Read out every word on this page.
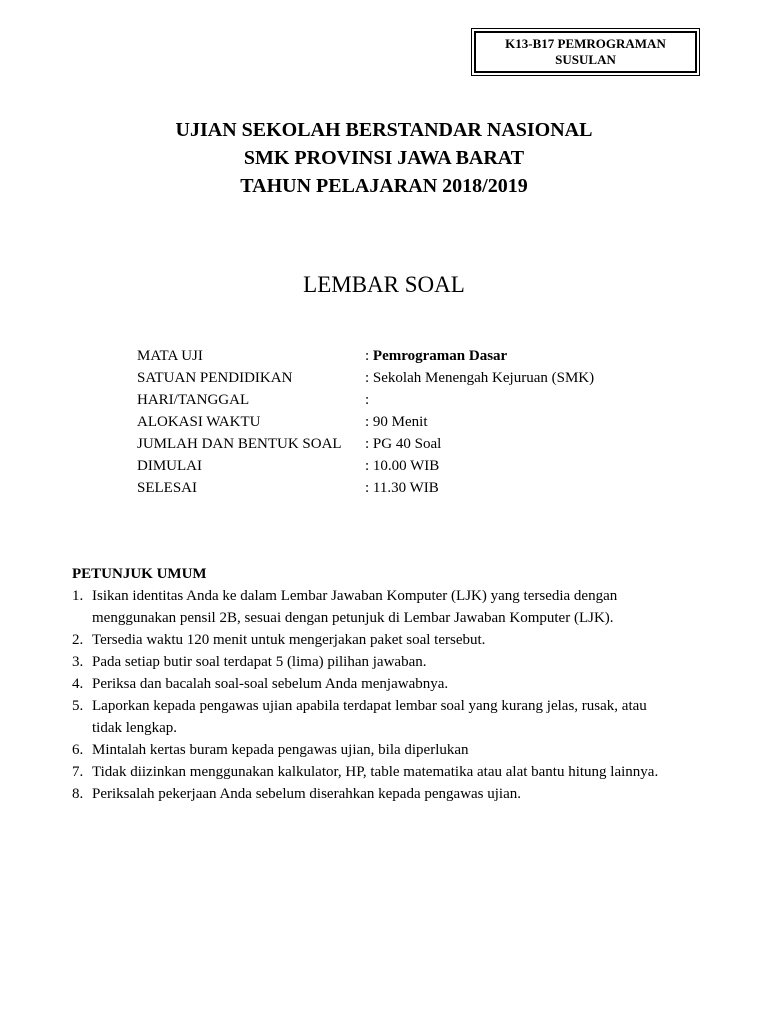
K13-B17 PEMROGRAMAN
SUSULAN
UJIAN SEKOLAH BERSTANDAR NASIONAL
SMK PROVINSI JAWA BARAT
TAHUN PELAJARAN 2018/2019
LEMBAR SOAL
MATA UJI	: Pemrograman Dasar
SATUAN PENDIDIKAN	: Sekolah Menengah Kejuruan (SMK)
HARI/TANGGAL	:
ALOKASI WAKTU	: 90 Menit
JUMLAH DAN BENTUK SOAL	: PG 40 Soal
DIMULAI	: 10.00 WIB
SELESAI	: 11.30 WIB
PETUNJUK UMUM
1. Isikan identitas Anda ke dalam Lembar Jawaban Komputer (LJK) yang tersedia dengan
menggunakan pensil 2B, sesuai dengan petunjuk di Lembar Jawaban Komputer (LJK).
2. Tersedia waktu 120 menit untuk mengerjakan paket soal tersebut.
3. Pada setiap butir soal terdapat 5 (lima) pilihan jawaban.
4. Periksa dan bacalah soal-soal sebelum Anda menjawabnya.
5. Laporkan kepada pengawas ujian apabila terdapat lembar soal yang kurang jelas, rusak, atau
tidak lengkap.
6. Mintalah kertas buram kepada pengawas ujian, bila diperlukan
7. Tidak diizinkan menggunakan kalkulator, HP, table matematika atau alat bantu hitung lainnya.
8. Periksalah pekerjaan Anda sebelum diserahkan kepada pengawas ujian.
